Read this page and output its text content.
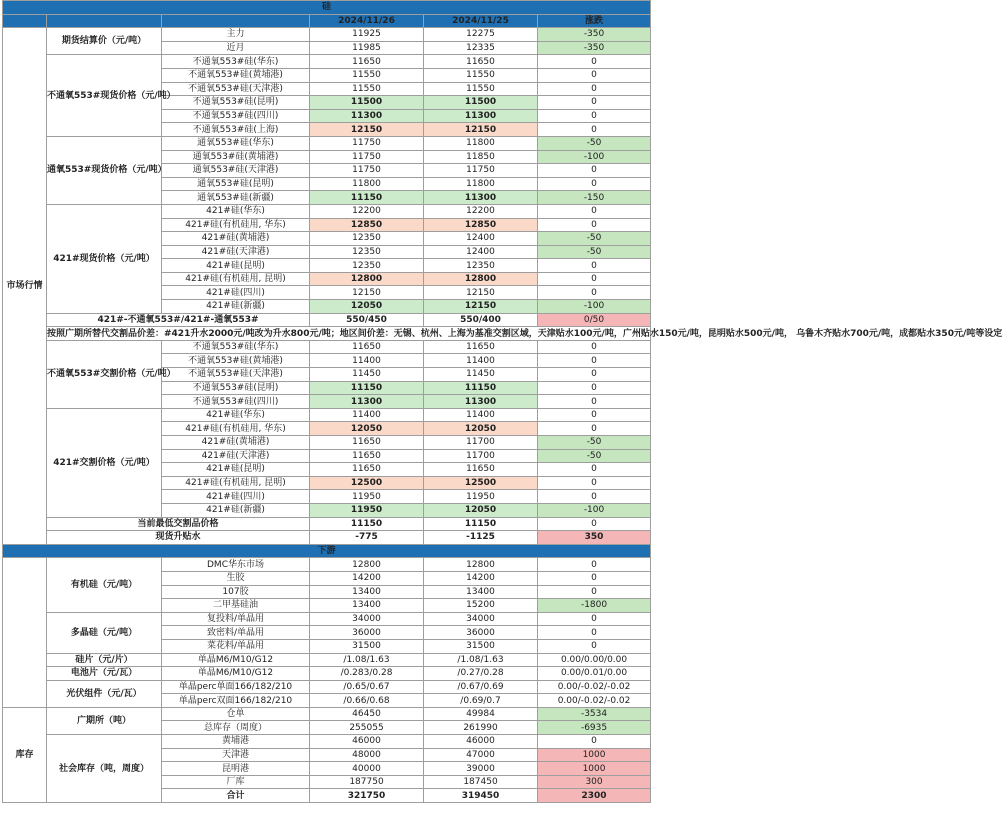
硅					
			2024/11/26	2024/11/25	涨跌
市场行情	期货结算价（元/吨）	主力	11925	12275	-350
		近月	11985	12335	-350
	不通氧553#现货价格（元/吨）	不通氧553#硅(华东)	11650	11650	0
		不通氧553#硅(黄埔港)	11550	11550	0
		不通氧553#硅(天津港)	11550	11550	0
		不通氧553#硅(昆明)	11500	11500	0
		不通氧553#硅(四川)	11300	11300	0
		不通氧553#硅(上海)	12150	12150	0
	通氧553#现货价格（元/吨）	通氧553#硅(华东)	11750	11800	-50
		通氧553#硅(黄埔港)	11750	11850	-100
		通氧553#硅(天津港)	11750	11750	0
		通氧553#硅(昆明)	11800	11800	0
		通氧553#硅(新疆)	11150	11300	-150
	421#现货价格（元/吨）	421#硅(华东)	12200	12200	0
		421#硅(有机硅用, 华东)	12850	12850	0
		421#硅(黄埔港)	12350	12400	-50
		421#硅(天津港)	12350	12400	-50
		421#硅(昆明)	12350	12350	0
		421#硅(有机硅用, 昆明)	12800	12800	0
		421#硅(四川)	12150	12150	0
		421#硅(新疆)	12050	12150	-100
	421#-不通氧553#/421#-通氧553#		550/450	550/400	0/50
	按照广期所替代交割品价差：#421升水2000元/吨改为升水800元/吨；地区间价差：无锡、杭州、上海为基准交割区域，天津贴水100元/吨，广州贴水150元/吨，昆明贴水500元/吨， 乌鲁木齐贴水700元/吨，成都贴水350元/吨等设定				
	不通氧553#交割价格（元/吨）	不通氧553#硅(华东)	11650	11650	0
		不通氧553#硅(黄埔港)	11400	11400	0
		不通氧553#硅(天津港)	11450	11450	0
		不通氧553#硅(昆明)	11150	11150	0
		不通氧553#硅(四川)	11300	11300	0
	421#交割价格（元/吨）	421#硅(华东)	11400	11400	0
		421#硅(有机硅用, 华东)	12050	12050	0
		421#硅(黄埔港)	11650	11700	-50
		421#硅(天津港)	11650	11700	-50
		421#硅(昆明)	11650	11650	0
		421#硅(有机硅用, 昆明)	12500	12500	0
		421#硅(四川)	11950	11950	0
		421#硅(新疆)	11950	12050	-100
	当前最低交割品价格		11150	11150	0
	现货升贴水		-775	-1125	350
下游					
	有机硅（元/吨）	DMC华东市场	12800	12800	0
		生胶	14200	14200	0
		107胶	13400	13400	0
		二甲基硅油	13400	15200	-1800
	多晶硅（元/吨）	复投料/单晶用	34000	34000	0
		致密料/单晶用	36000	36000	0
		菜花料/单晶用	31500	31500	0
	硅片（元/片）	单晶M6/M10/G12	/1.08/1.63	/1.08/1.63	0.00/0.00/0.00
	电池片（元/瓦）	单晶M6/M10/G12	/0.283/0.28	/0.27/0.28	0.00/0.01/0.00
	光伏组件（元/瓦）	单晶perc单面166/182/210	/0.65/0.67	/0.67/0.69	0.00/-0.02/-0.02
		单晶perc双面166/182/210	/0.66/0.68	/0.69/0.7	0.00/-0.02/-0.02
库存	广期所（吨）	仓单	46450	49984	-3534
		总库存（周度）	255055	261990	-6935
	社会库存（吨，周度）	黄埔港	46000	46000	0
		天津港	48000	47000	1000
		昆明港	40000	39000	1000
		厂库	187750	187450	300
		合计	321750	319450	2300
